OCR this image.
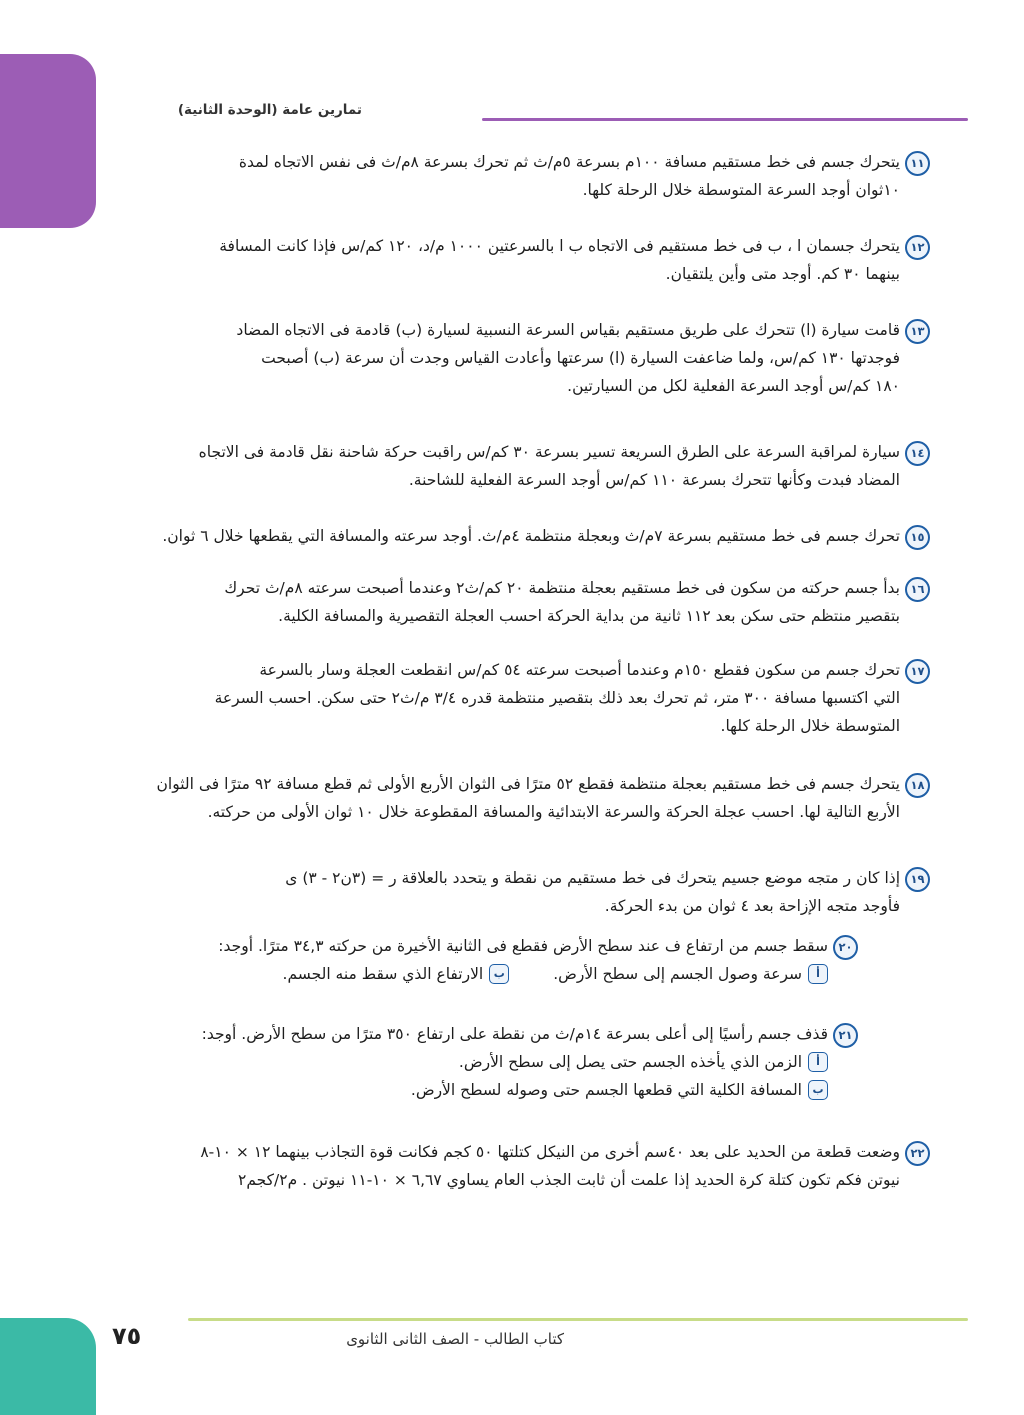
تمارين عامة (الوحدة الثانية)
١١
يتحرك جسم فى خط مستقيم مسافة ١٠٠م بسرعة ٥م/ث ثم تحرك بسرعة ٨م/ث فى نفس الاتجاه لمدة
١٠ثوان أوجد السرعة المتوسطة خلال الرحلة كلها.
١٢
يتحرك جسمان ا ، ب فى خط مستقيم فى الاتجاه ب ا بالسرعتين ١٠٠٠ م/د، ١٢٠ كم/س فإذا كانت المسافة
بينهما ٣٠ كم. أوجد متى وأين يلتقيان.
١٣
قامت سيارة (ا) تتحرك على طريق مستقيم بقياس السرعة النسبية لسيارة (ب) قادمة فى الاتجاه المضاد
فوجدتها ١٣٠ كم/س، ولما ضاعفت السيارة (ا) سرعتها وأعادت القياس وجدت أن سرعة (ب) أصبحت
١٨٠ كم/س أوجد السرعة الفعلية لكل من السيارتين.
١٤
سيارة لمراقبة السرعة على الطرق السريعة تسير بسرعة ٣٠ كم/س راقبت حركة شاحنة نقل قادمة فى الاتجاه
المضاد فبدت وكأنها تتحرك بسرعة ١١٠ كم/س أوجد السرعة الفعلية للشاحنة.
١٥
تحرك جسم فى خط مستقيم بسرعة ٧م/ث وبعجلة منتظمة ٤م/ث. أوجد سرعته والمسافة التي يقطعها خلال ٦ ثوان.
١٦
بدأ جسم حركته من سكون فى خط مستقيم بعجلة منتظمة ٢٠ كم/ث٢ وعندما أصبحت سرعته ٨م/ث تحرك
بتقصير منتظم حتى سكن بعد ١١٢ ثانية من بداية الحركة احسب العجلة التقصيرية والمسافة الكلية.
١٧
تحرك جسم من سكون فقطع ١٥٠م وعندما أصبحت سرعته ٥٤ كم/س انقطعت العجلة وسار بالسرعة
التي اكتسبها مسافة ٣٠٠ متر، ثم تحرك بعد ذلك بتقصير منتظمة قدره ٣/٤ م/ث٢ حتى سكن. احسب السرعة
المتوسطة خلال الرحلة كلها.
١٨
يتحرك جسم فى خط مستقيم بعجلة منتظمة فقطع ٥٢ مترًا فى الثوان الأربع الأولى ثم قطع مسافة ٩٢ مترًا فى الثوان
الأربع التالية لها. احسب عجلة الحركة والسرعة الابتدائية والمسافة المقطوعة خلال ١٠ ثوان الأولى من حركته.
١٩
إذا كان ر متجه موضع جسيم يتحرك فى خط مستقيم من نقطة و يتحدد بالعلاقة ر = (٣ن٢ - ٣) ى
فأوجد متجه الإزاحة بعد ٤ ثوان من بدء الحركة.
٢٠
سقط جسم من ارتفاع ف عند سطح الأرض فقطع فى الثانية الأخيرة من حركته ٣٤,٣ مترًا. أوجد:
أ
سرعة وصول الجسم إلى سطح الأرض.
ب
الارتفاع الذي سقط منه الجسم.
٢١
قذف جسم رأسيًا إلى أعلى بسرعة ١٤م/ث من نقطة على ارتفاع ٣٥٠ مترًا من سطح الأرض. أوجد:
أ
الزمن الذي يأخذه الجسم حتى يصل إلى سطح الأرض.
ب
المسافة الكلية التي قطعها الجسم حتى وصوله لسطح الأرض.
٢٢
وضعت قطعة من الحديد على بعد ٤٠سم أخرى من النيكل كتلتها ٥٠ كجم فكانت قوة التجاذب بينهما ١٢ × ١٠-٨
نيوتن فكم تكون كتلة كرة الحديد إذا علمت أن ثابت الجذب العام يساوي ٦,٦٧ × ١٠-١١ نيوتن . م٢/كجم٢
كتاب الطالب - الصف الثانى الثانوى
٧٥
